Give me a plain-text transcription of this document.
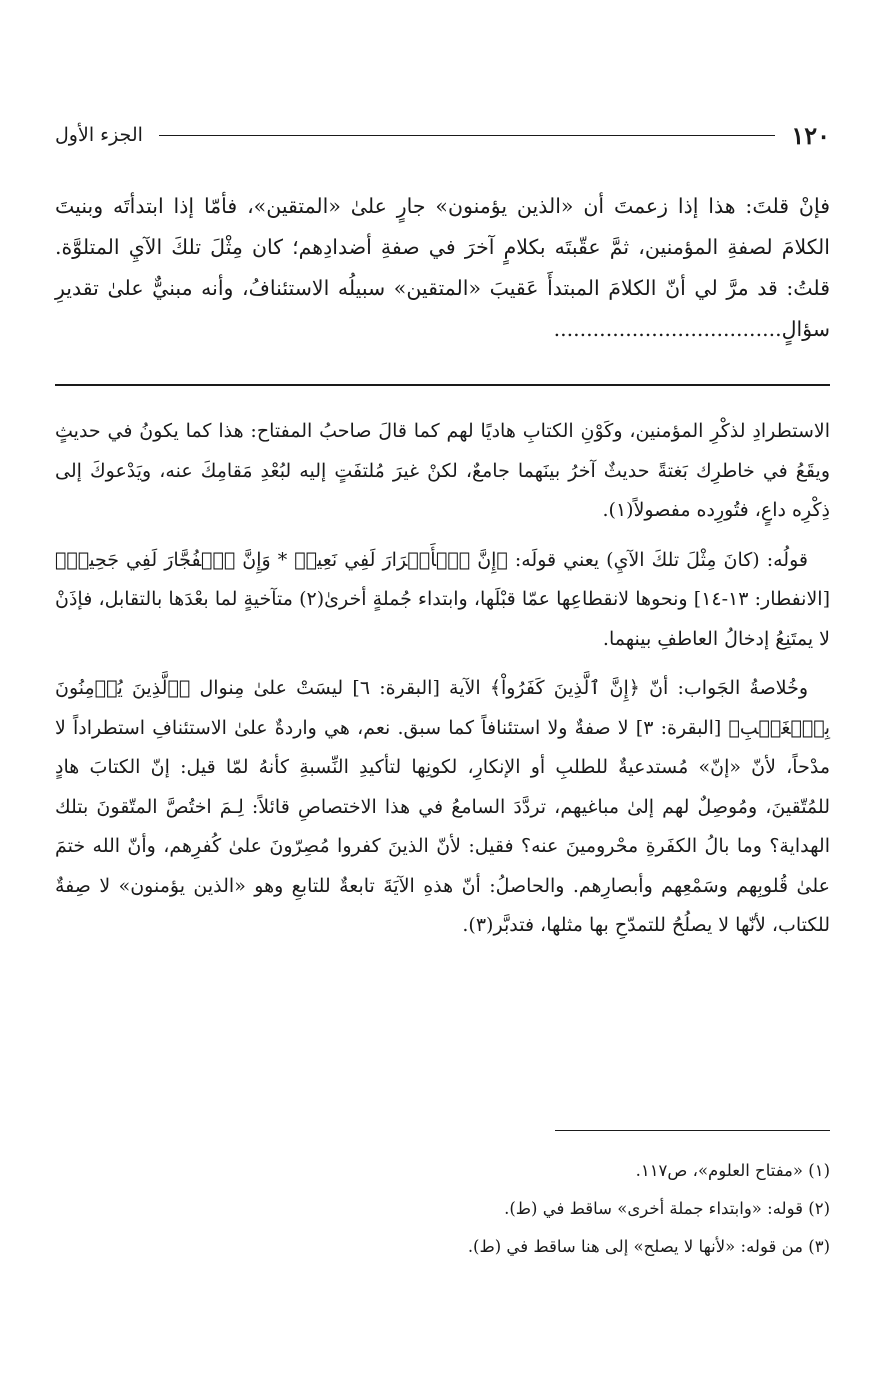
١٢٠
الجزء الأول

فإنْ قلتَ: هذا إذا زعمتَ أن «الذين يؤمنون» جارٍ علىٰ «المتقين»، فأمّا إذا ابتدأتَه وبنيتَ الكلامَ لصفةِ المؤمنين، ثمَّ عقّبتَه بكلامٍ آخرَ في صفةِ أضدادِهم؛ كان مِثْلَ تلكَ الآيِ المتلوَّة. قلتُ: قد مرَّ لي أنّ الكلامَ المبتدأَ عَقيبَ «المتقين» سبيلُه الاستئنافُ، وأنه مبنيٌّ علىٰ تقديرِ سؤالٍ...................................

الاستطرادِ لذكْرِ المؤمنين، وكَوْنِ الكتابِ هاديًا لهم كما قالَ صاحبُ المفتاح: هذا كما يكونُ في حديثٍ ويقَعُ في خاطرِك بَغتةً حديثٌ آخرُ بينَهما جامعٌ، لكنْ غيرَ مُلتفَتٍ إليه لبُعْدِ مَقامِكَ عنه، ويَدْعوكَ إلى ذِكْرِه داعٍ، فتُورِده مفصولاً(١).

قولُه: (كانَ مِثْلَ تلكَ الآيِ) يعني قولَه: ﴿إِنَّ ٱلۡأَبۡرَارَ لَفِي نَعِيمٖ * وَإِنَّ ٱلۡفُجَّارَ لَفِي جَحِيمٖ﴾ [الانفطار: ١٣-١٤] ونحوها لانقطاعِها عمّا قبْلَها، وابتداء جُملةٍ أخرىٰ(٢) متآخيةٍ لما بعْدَها بالتقابل، فإذَنْ لا يمتَنِعُ إدخالُ العاطفِ بينهما.

وخُلاصةُ الجَواب: أنّ ﴿إِنَّ ٱلَّذِينَ كَفَرُواْ﴾ الآية [البقرة: ٦] ليسَتْ علىٰ مِنوال ﴿ٱلَّذِينَ يُؤۡمِنُونَ بِٱلۡغَيۡبِ﴾ [البقرة: ٣] لا صفةٌ ولا استئنافاً كما سبق. نعم، هي واردةٌ علىٰ الاستئنافِ استطراداً لا مدْحاً، لأنّ «إنّ» مُستدعيةٌ للطلبِ أو الإنكارِ، لكونِها لتأكيدِ النِّسبةِ كأنهُ لمّا قيل: إنّ الكتابَ هادٍ للمُتّقينَ، ومُوصِلٌ لهم إلىٰ مباغيهم، تردَّدَ السامعُ في هذا الاختصاصِ قائلاً: لِـمَ اختُصَّ المتّقونَ بتلك الهداية؟ وما بالُ الكفَرةِ محْرومينَ عنه؟ فقيل: لأنّ الذينَ كفروا مُصِرّونَ علىٰ كُفرِهم، وأنّ الله ختمَ علىٰ قُلوبِهم وسَمْعِهم وأبصارِهم. والحاصلُ: أنّ هذهِ الآيَةَ تابعةٌ للتابعِ وهو «الذين يؤمنون» لا صِفةٌ للكتاب، لأنّها لا يصلُحُ للتمدّحِ بها مثلها، فتدبَّر(٣).

(١) «مفتاح العلوم»، ص١١٧.
(٢) قوله: «وابتداء جملة أخرى» ساقط في (ط).
(٣) من قوله: «لأنها لا يصلح» إلى هنا ساقط في (ط).
